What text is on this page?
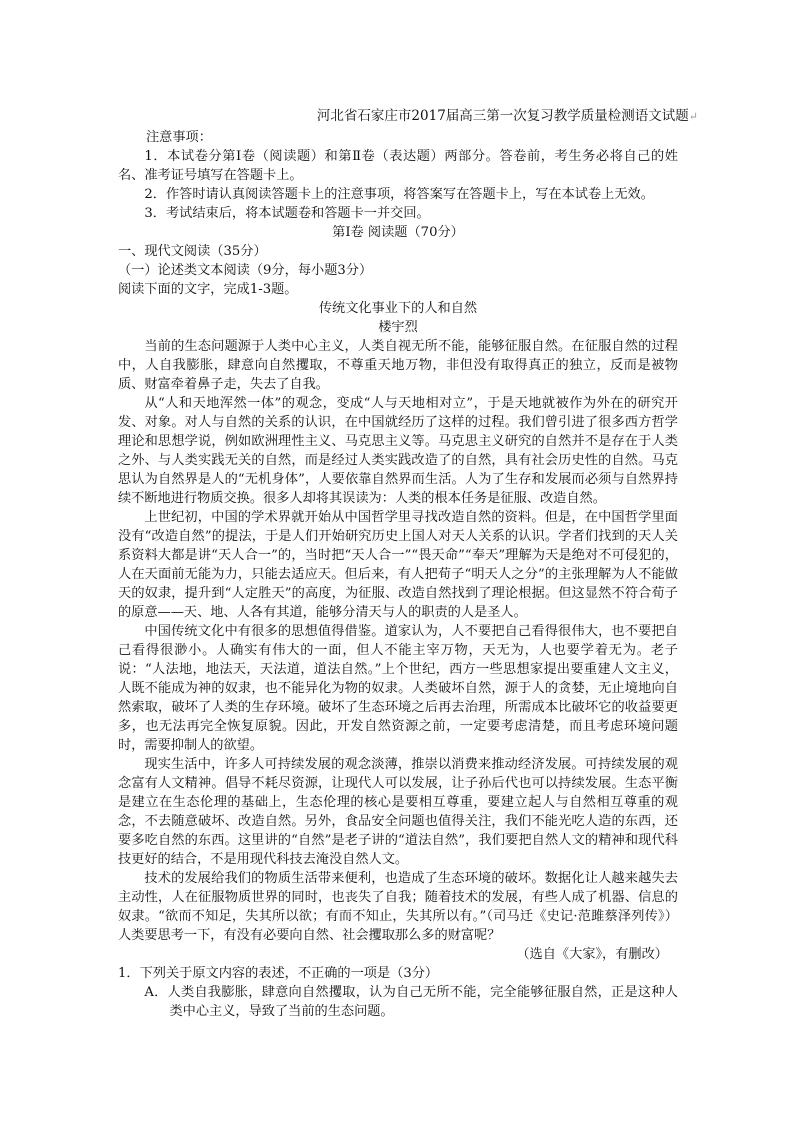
河北省石家庄市2017届高三第一次复习教学质量检测语文试题↵
注意事项：
1．本试卷分第Ⅰ卷（阅读题）和第Ⅱ卷（表达题）两部分。答卷前，考生务必将自己的姓名、准考证号填写在答题卡上。
2．作答时请认真阅读答题卡上的注意事项，将答案写在答题卡上，写在本试卷上无效。
3．考试结束后，将本试题卷和答题卡一并交回。
第Ⅰ卷 阅读题（70分）
一、现代文阅读（35分）
（一）论述类文本阅读（9分，每小题3分）
阅读下面的文字，完成1-3题。
传统文化事业下的人和自然
楼宇烈
当前的生态问题源于人类中心主义，人类自视无所不能，能够征服自然。在征服自然的过程中，人自我膨胀，肆意向自然攫取，不尊重天地万物，非但没有取得真正的独立，反而是被物质、财富牵着鼻子走，失去了自我。
从“人和天地浑然一体”的观念，变成“人与天地相对立”，于是天地就被作为外在的研究开发、对象。对人与自然的关系的认识，在中国就经历了这样的过程。我们曾引进了很多西方哲学理论和思想学说，例如欧洲理性主义、马克思主义等。马克思主义研究的自然并不是存在于人类之外、与人类实践无关的自然，而是经过人类实践改造了的自然，具有社会历史性的自然。马克思认为自然界是人的“无机身体”，人要依靠自然界而生活。人为了生存和发展而必须与自然界持续不断地进行物质交换。很多人却将其误读为：人类的根本任务是征服、改造自然。
上世纪初，中国的学术界就开始从中国哲学里寻找改造自然的资料。但是，在中国哲学里面没有“改造自然”的提法，于是人们开始研究历史上国人对天人关系的认识。学者们找到的天人关系资料大都是讲“天人合一”的，当时把“天人合一”“畏天命”“奉天”理解为天是绝对不可侵犯的，人在天面前无能为力，只能去适应天。但后来，有人把荀子“明天人之分”的主张理解为人不能做天的奴隶，提升到“人定胜天”的高度，为征服、改造自然找到了理论根据。但这显然不符合荀子的原意——天、地、人各有其道，能够分清天与人的职责的人是圣人。
中国传统文化中有很多的思想值得借鉴。道家认为，人不要把自己看得很伟大，也不要把自己看得很渺小。人确实有伟大的一面，但人不能主宰万物，天无为，人也要学着无为。老子说：“人法地，地法天，天法道，道法自然。”上个世纪，西方一些思想家提出要重建人文主义，人既不能成为神的奴隶，也不能异化为物的奴隶。人类破坏自然，源于人的贪婪，无止境地向自然索取，破坏了人类的生存环境。破坏了生态环境之后再去治理，所需成本比破坏它的收益要更多，也无法再完全恢复原貌。因此，开发自然资源之前，一定要考虑清楚，而且考虑环境问题时，需要抑制人的欲望。
现实生活中，许多人可持续发展的观念淡薄，推崇以消费来推动经济发展。可持续发展的观念富有人文精神。倡导不耗尽资源，让现代人可以发展，让子孙后代也可以持续发展。生态平衡是建立在生态伦理的基础上，生态伦理的核心是要相互尊重，要建立起人与自然相互尊重的观念，不去随意破坏、改造自然。另外，食品安全问题也值得关注，我们不能光吃人造的东西，还要多吃自然的东西。这里讲的“自然”是老子讲的“道法自然”，我们要把自然人文的精神和现代科技更好的结合，不是用现代科技去淹没自然人文。
技术的发展给我们的物质生活带来便利，也造成了生态环境的破坏。数据化让人越来越失去主动性，人在征服物质世界的同时，也丧失了自我；随着技术的发展，有些人成了机器、信息的奴隶。“欲而不知足，失其所以欲；有而不知止，失其所以有。”（司马迁《史记·范雎蔡泽列传》）人类要思考一下，有没有必要向自然、社会攫取那么多的财富呢？
（选自《大家》，有删改）
1．下列关于原文内容的表述，不正确的一项是（3分）
A．人类自我膨胀，肆意向自然攫取，认为自己无所不能，完全能够征服自然，正是这种人类中心主义，导致了当前的生态问题。
